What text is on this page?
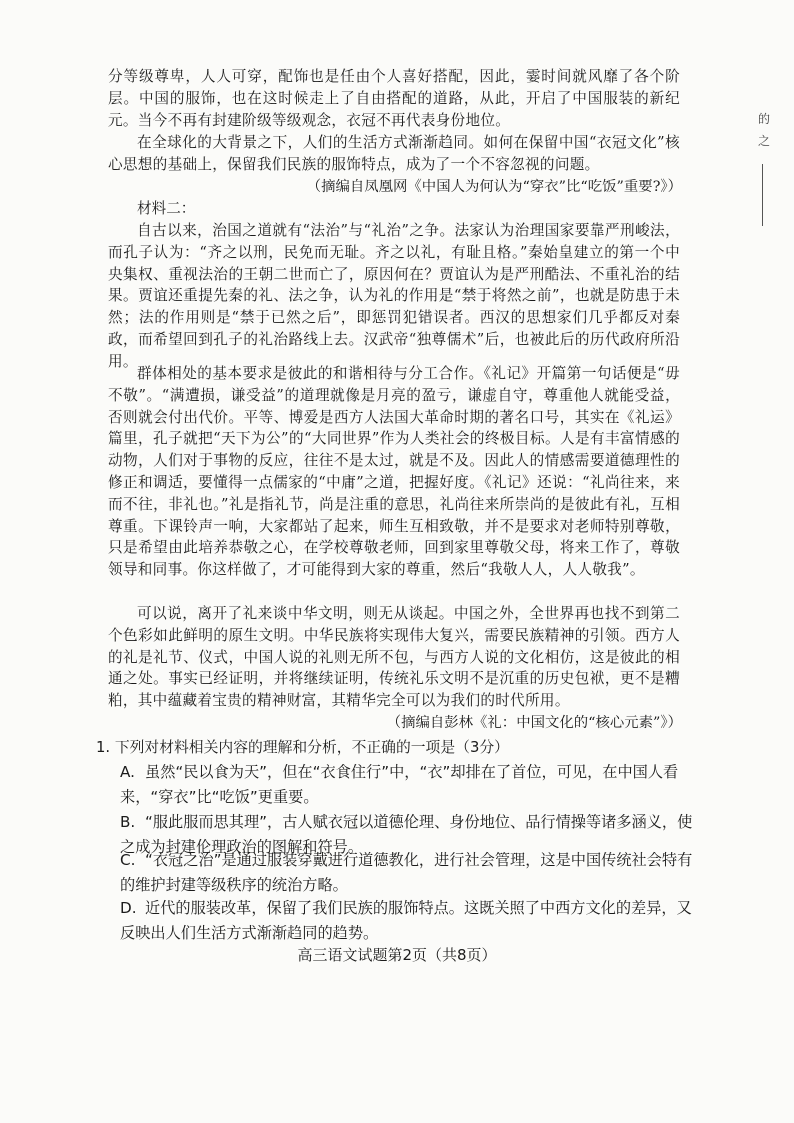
分等级尊卑，人人可穿，配饰也是任由个人喜好搭配，因此，霎时间就风靡了各个阶层。中国的服饰，也在这时候走上了自由搭配的道路，从此，开启了中国服装的新纪元。当今不再有封建阶级等级观念，衣冠不再代表身份地位。

在全球化的大背景之下，人们的生活方式渐渐趋同。如何在保留中国“衣冠文化”核心思想的基础上，保留我们民族的服饰特点，成为了一个不容忽视的问题。

（摘编自凤凰网《中国人为何认为“穿衣”比“吃饭”重要?》）

材料二：

自古以来，治国之道就有“法治”与“礼治”之争。法家认为治理国家要靠严刑峻法，而孔子认为：“齐之以刑，民免而无耻。齐之以礼，有耻且格。”秦始皇建立的第一个中央集权、重视法治的王朝二世而亡了，原因何在？贾谊认为是严刑酷法、不重礼治的结果。贾谊还重提先秦的礼、法之争，认为礼的作用是“禁于将然之前”，也就是防患于未然；法的作用则是“禁于已然之后”，即惩罚犯错误者。西汉的思想家们几乎都反对秦政，而希望回到孔子的礼治路线上去。汉武帝“独尊儒术”后，也被此后的历代政府所沿用。

群体相处的基本要求是彼此的和谐相待与分工合作。《礼记》开篇第一句话便是“毋不敬”。“满遭损，谦受益”的道理就像是月亮的盈亏，谦虚自守，尊重他人就能受益，否则就会付出代价。平等、博爱是西方人法国大革命时期的著名口号，其实在《礼运》篇里，孔子就把“天下为公”的“大同世界”作为人类社会的终极目标。人是有丰富情感的动物，人们对于事物的反应，往往不是太过，就是不及。因此人的情感需要道德理性的修正和调适，要懂得一点儒家的“中庸”之道，把握好度。《礼记》还说：“礼尚往来，来而不往，非礼也。”礼是指礼节，尚是注重的意思，礼尚往来所崇尚的是彼此有礼，互相尊重。下课铃声一响，大家都站了起来，师生互相致敬，并不是要求对老师特别尊敬，只是希望由此培养恭敬之心，在学校尊敬老师，回到家里尊敬父母，将来工作了，尊敬领导和同事。你这样做了，才可能得到大家的尊重，然后“我敬人人，人人敬我”。

可以说，离开了礼来谈中华文明，则无从谈起。中国之外，全世界再也找不到第二个色彩如此鲜明的原生文明。中华民族将实现伟大复兴，需要民族精神的引领。西方人的礼是礼节、仪式，中国人说的礼则无所不包，与西方人说的文化相仿，这是彼此的相通之处。事实已经证明，并将继续证明，传统礼乐文明不是沉重的历史包袱，更不是糟粕，其中蕴藏着宝贵的精神财富，其精华完全可以为我们的时代所用。

（摘编自彭林《礼：中国文化的“核心元素”》）

1. 下列对材料相关内容的理解和分析，不正确的一项是（3分）

A. 虽然“民以食为天”，但在“衣食住行”中，“衣”却排在了首位，可见，在中国人看来，“穿衣”比“吃饭”更重要。
B. “服此服而思其理”，古人赋衣冠以道德伦理、身份地位、品行情操等诸多涵义，使之成为封建伦理政治的图解和符号。
C. “衣冠之治”是通过服装穿戴进行道德教化，进行社会管理，这是中国传统社会特有的维护封建等级秩序的统治方略。
D. 近代的服装改革，保留了我们民族的服饰特点。这既关照了中西方文化的差异，又反映出人们生活方式渐渐趋同的趋势。

高三语文试题第2页（共8页）

的
之
